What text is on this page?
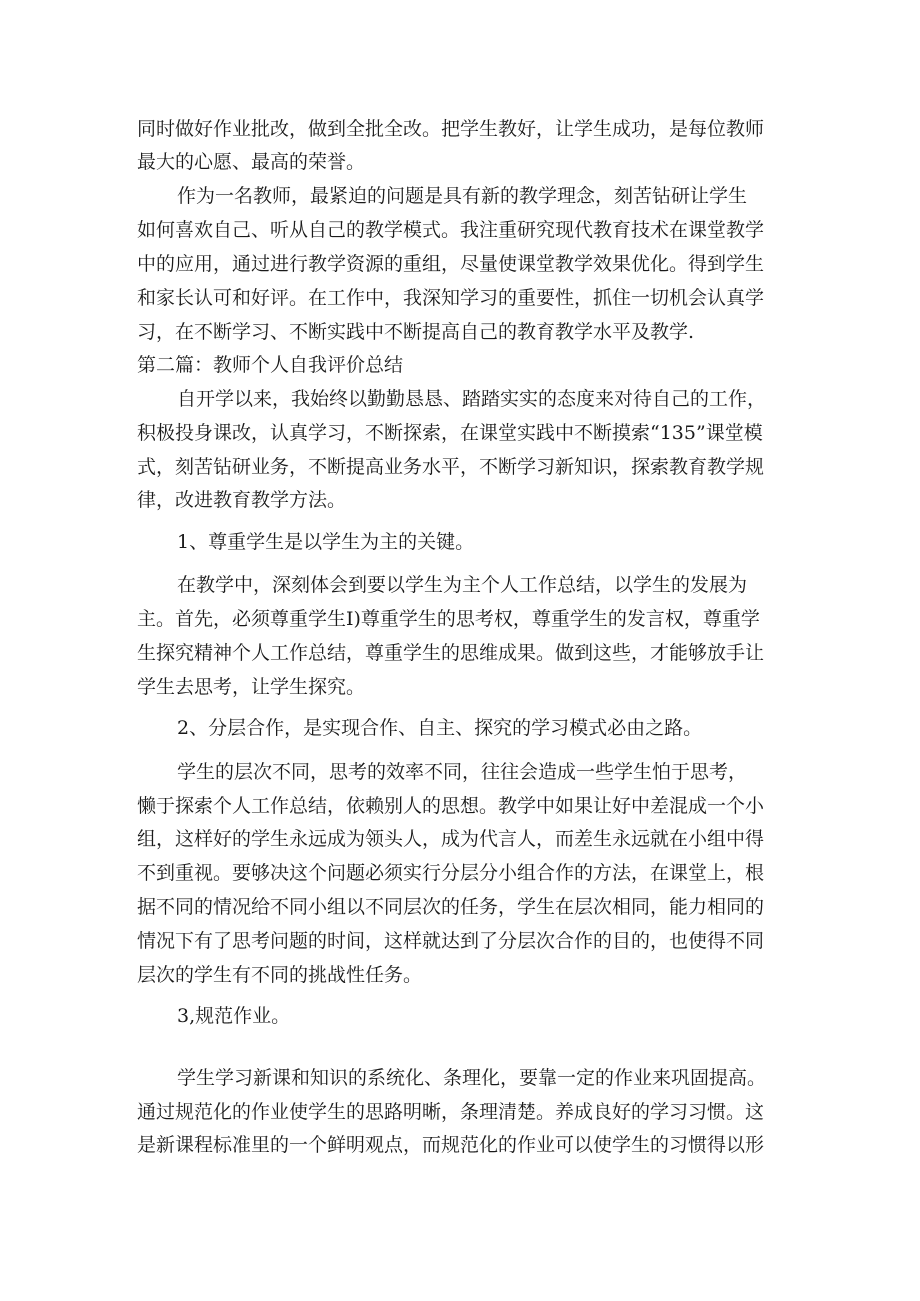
同时做好作业批改，做到全批全改。把学生教好，让学生成功，是每位教师

最大的心愿、最高的荣誉。

作为一名教师，最紧迫的问题是具有新的教学理念，刻苦钻研让学生

如何喜欢自己、听从自己的教学模式。我注重研究现代教育技术在课堂教学

中的应用，通过进行教学资源的重组，尽量使课堂教学效果优化。得到学生

和家长认可和好评。在工作中，我深知学习的重要性，抓住一切机会认真学

习，在不断学习、不断实践中不断提高自己的教育教学水平及教学.

第二篇：教师个人自我评价总结

自开学以来，我始终以勤勤恳恳、踏踏实实的态度来对待自己的工作，

积极投身课改，认真学习，不断探索，在课堂实践中不断摸索“135”课堂模

式，刻苦钻研业务，不断提高业务水平，不断学习新知识，探索教育教学规

律，改进教育教学方法。

1、尊重学生是以学生为主的关键。

在教学中，深刻体会到要以学生为主个人工作总结，以学生的发展为

主。首先，必须尊重学生I)尊重学生的思考权，尊重学生的发言权，尊重学

生探究精神个人工作总结，尊重学生的思维成果。做到这些，才能够放手让

学生去思考，让学生探究。

2、分层合作，是实现合作、自主、探究的学习模式必由之路。

学生的层次不同，思考的效率不同，往往会造成一些学生怕于思考，

懒于探索个人工作总结，依赖别人的思想。教学中如果让好中差混成一个小

组，这样好的学生永远成为领头人，成为代言人，而差生永远就在小组中得

不到重视。要够决这个问题必须实行分层分小组合作的方法，在课堂上，根

据不同的情况给不同小组以不同层次的任务，学生在层次相同，能力相同的

情况下有了思考问题的时间，这样就达到了分层次合作的目的，也使得不同

层次的学生有不同的挑战性任务。

3,规范作业。

学生学习新课和知识的系统化、条理化，要靠一定的作业来巩固提高。

通过规范化的作业使学生的思路明晰，条理清楚。养成良好的学习习惯。这

是新课程标准里的一个鲜明观点，而规范化的作业可以使学生的习惯得以形
